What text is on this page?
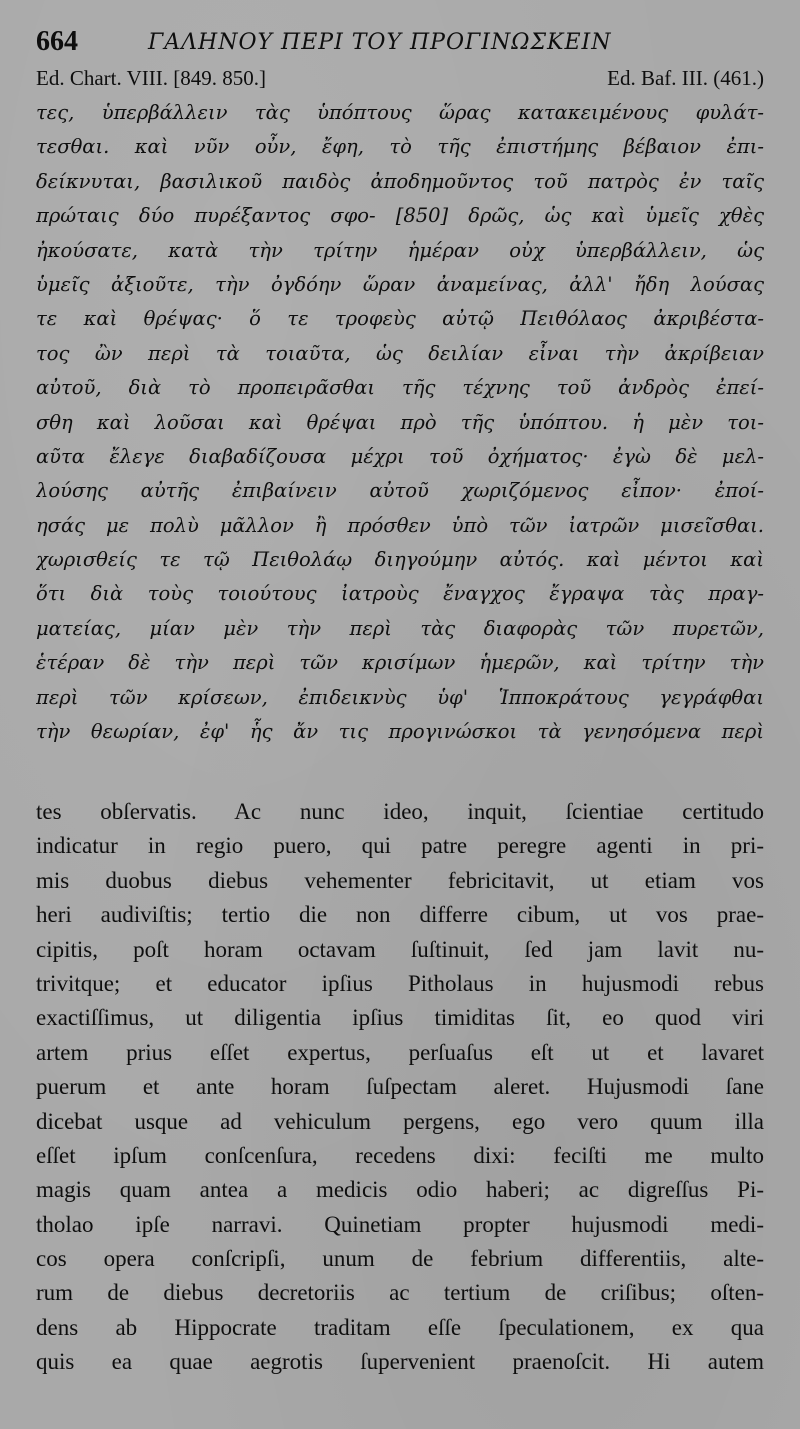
664	ΓΑΛΗΝΟΥ ΠΕΡΙ ΤΟΥ ΠΡΟΓΙΝΩΣΚΕΙΝ
Ed. Chart. VIII. [849. 850.]	Ed. Baf. III. (461.)
τες, ὑπερβάλλειν τὰς ὑπόπτους ὥρας κατακειμένους φυλάτ-
τεσθαι. καὶ νῦν οὖν, ἔφη, τὸ τῆς ἐπιστήμης βέβαιον ἐπι-
δείκνυται, βασιλικοῦ παιδὸς ἀποδημοῦντος τοῦ πατρὸς ἐν ταῖς
πρώταις δύο πυρέξαντος σφο- [850] δρῶς, ὡς καὶ ὑμεῖς χθὲς
ἠκούσατε, κατὰ τὴν τρίτην ἡμέραν οὐχ ὑπερβάλλειν, ὡς
ὑμεῖς ἀξιοῦτε, τὴν ὀγδόην ὥραν ἀναμείνας, ἀλλ' ἤδη λούσας
τε καὶ θρέψας· ὅ τε τροφεὺς αὐτῷ Πειθόλαος ἀκριβέστα-
τος ὢν περὶ τὰ τοιαῦτα, ὡς δειλίαν εἶναι τὴν ἀκρίβειαν
αὐτοῦ, διὰ τὸ προπειρᾶσθαι τῆς τέχνης τοῦ ἀνδρὸς ἐπεί-
σθη καὶ λοῦσαι καὶ θρέψαι πρὸ τῆς ὑπόπτου. ἡ μὲν τοι-
αῦτα ἔλεγε διαβαδίζουσα μέχρι τοῦ ὀχήματος· ἐγὼ δὲ μελ-
λούσης αὐτῆς ἐπιβαίνειν αὐτοῦ χωριζόμενος εἶπον· ἐποί-
ησάς με πολὺ μᾶλλον ἢ πρόσθεν ὑπὸ τῶν ἰατρῶν μισεῖσθαι.
χωρισθείς τε τῷ Πειθολάῳ διηγούμην αὐτός. καὶ μέντοι καὶ
ὅτι διὰ τοὺς τοιούτους ἰατροὺς ἔναγχος ἔγραψα τὰς πραγ-
ματείας, μίαν μὲν τὴν περὶ τὰς διαφορὰς τῶν πυρετῶν,
ἑτέραν δὲ τὴν περὶ τῶν κρισίμων ἡμερῶν, καὶ τρίτην τὴν
περὶ τῶν κρίσεων, ἐπιδεικνὺς ὑφ' Ἱπποκράτους γεγράφθαι
τὴν θεωρίαν, ἐφ' ἧς ἄν τις προγινώσκοι τὰ γενησόμενα περὶ
tes obſervatis. Ac nunc ideo, inquit, ſcientiae certitudo
indicatur in regio puero, qui patre peregre agenti in pri-
mis duobus diebus vehementer febricitavit, ut etiam vos
heri audiviſtis; tertio die non differre cibum, ut vos prae-
cipitis, poſt horam octavam ſuſtinuit, ſed jam lavit nu-
trivitque; et educator ipſius Pitholaus in hujusmodi rebus
exactiſſimus, ut diligentia ipſius timiditas ſit, eo quod viri
artem prius eſſet expertus, perſuaſus eſt ut et lavaret
puerum et ante horam ſuſpectam aleret. Hujusmodi ſane
dicebat usque ad vehiculum pergens, ego vero quum illa
eſſet ipſum conſcenſura, recedens dixi: feciſti me multo
magis quam antea a medicis odio haberi; ac digreſſus Pi-
tholao ipſe narravi. Quinetiam propter hujusmodi medi-
cos opera conſcripſi, unum de febrium differentiis, alte-
rum de diebus decretoriis ac tertium de criſibus; oſten-
dens ab Hippocrate traditam eſſe ſpeculationem, ex qua
quis ea quae aegrotis ſupervenient praenoſcit. Hi autem
